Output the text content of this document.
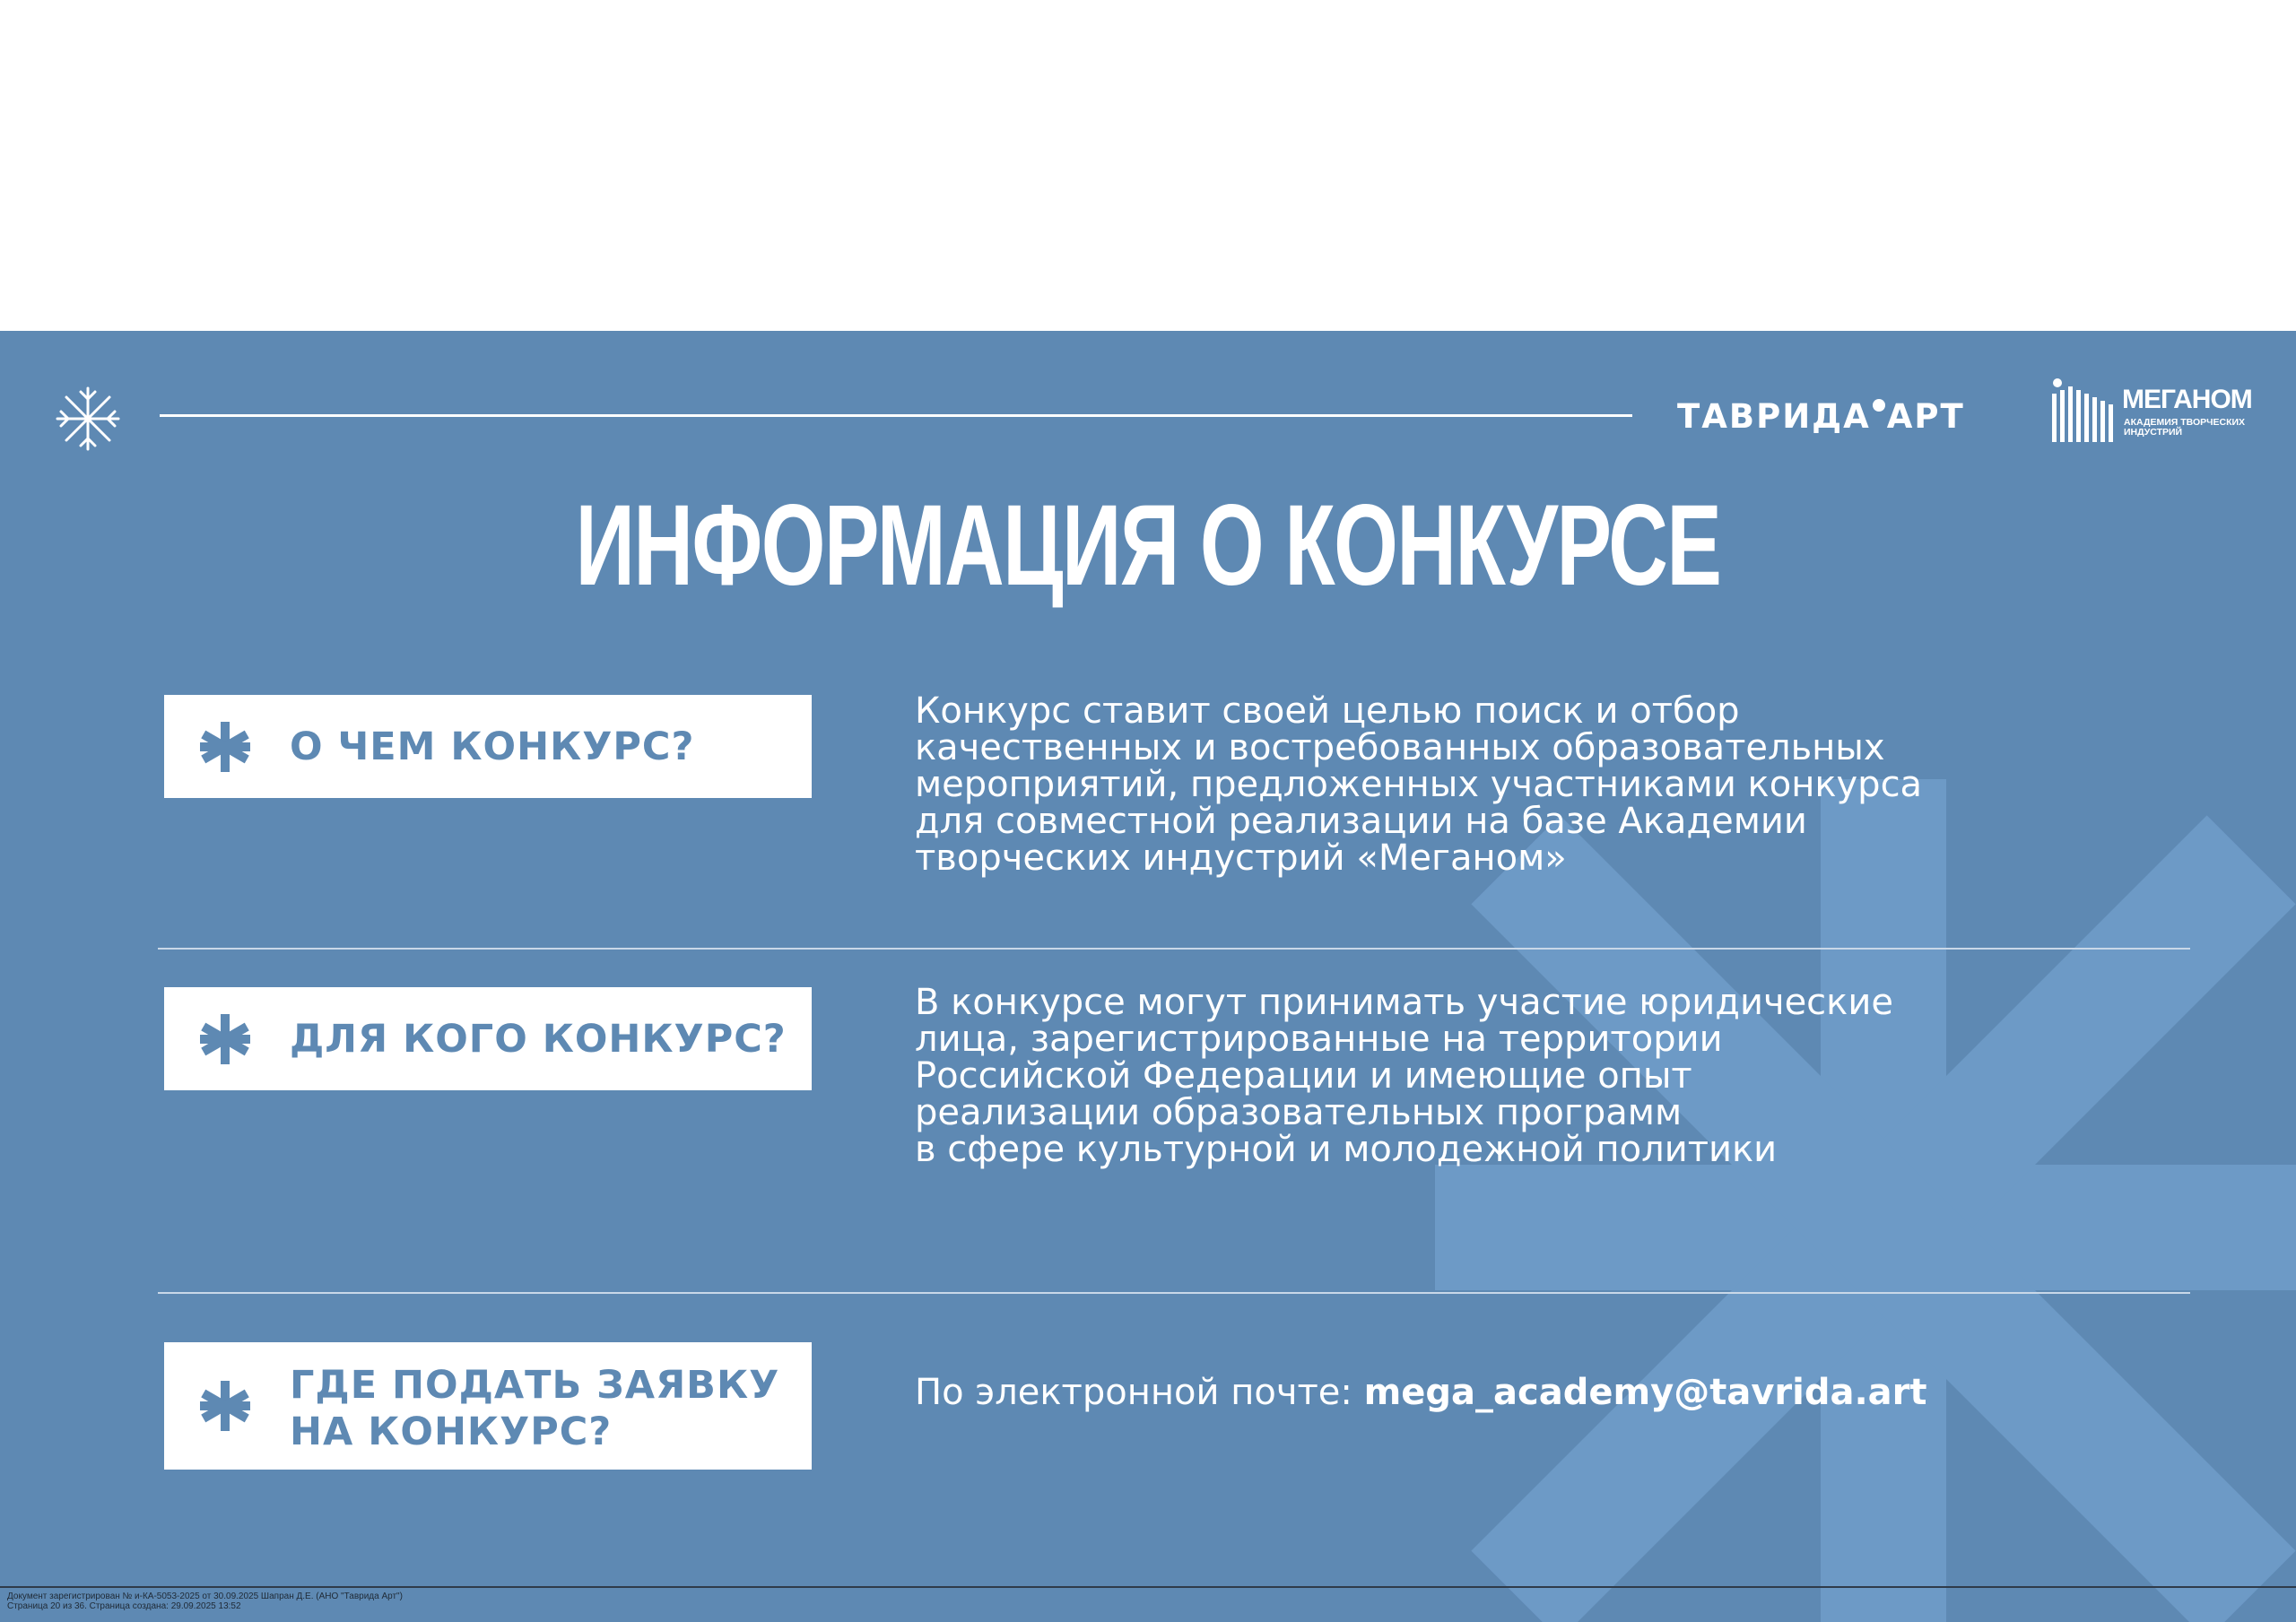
ТАВРИДА АРТ	МЕГАНОМ
АКАДЕМИЯ ТВОРЧЕСКИХ ИНДУСТРИЙ
ИНФОРМАЦИЯ О КОНКУРСЕ
О ЧЕМ КОНКУРС?
Конкурс ставит своей целью поиск и отбор
качественных и востребованных образовательных
мероприятий, предложенных участниками конкурса
для совместной реализации на базе Академии
творческих индустрий «Меганом»
ДЛЯ КОГО КОНКУРС?
В конкурсе могут принимать участие юридические
лица, зарегистрированные на территории
Российской Федерации и имеющие опыт
реализации образовательных программ
в сфере культурной и молодежной политики
ГДЕ ПОДАТЬ ЗАЯВКУ
НА КОНКУРС?
По электронной почте: mega_academy@tavrida.art
Документ зарегистрирован № и-КА-5053-2025 от 30.09.2025 Шапран Д.Е. (АНО "Таврида Арт")
Страница 20 из 36. Страница создана: 29.09.2025 13:52
